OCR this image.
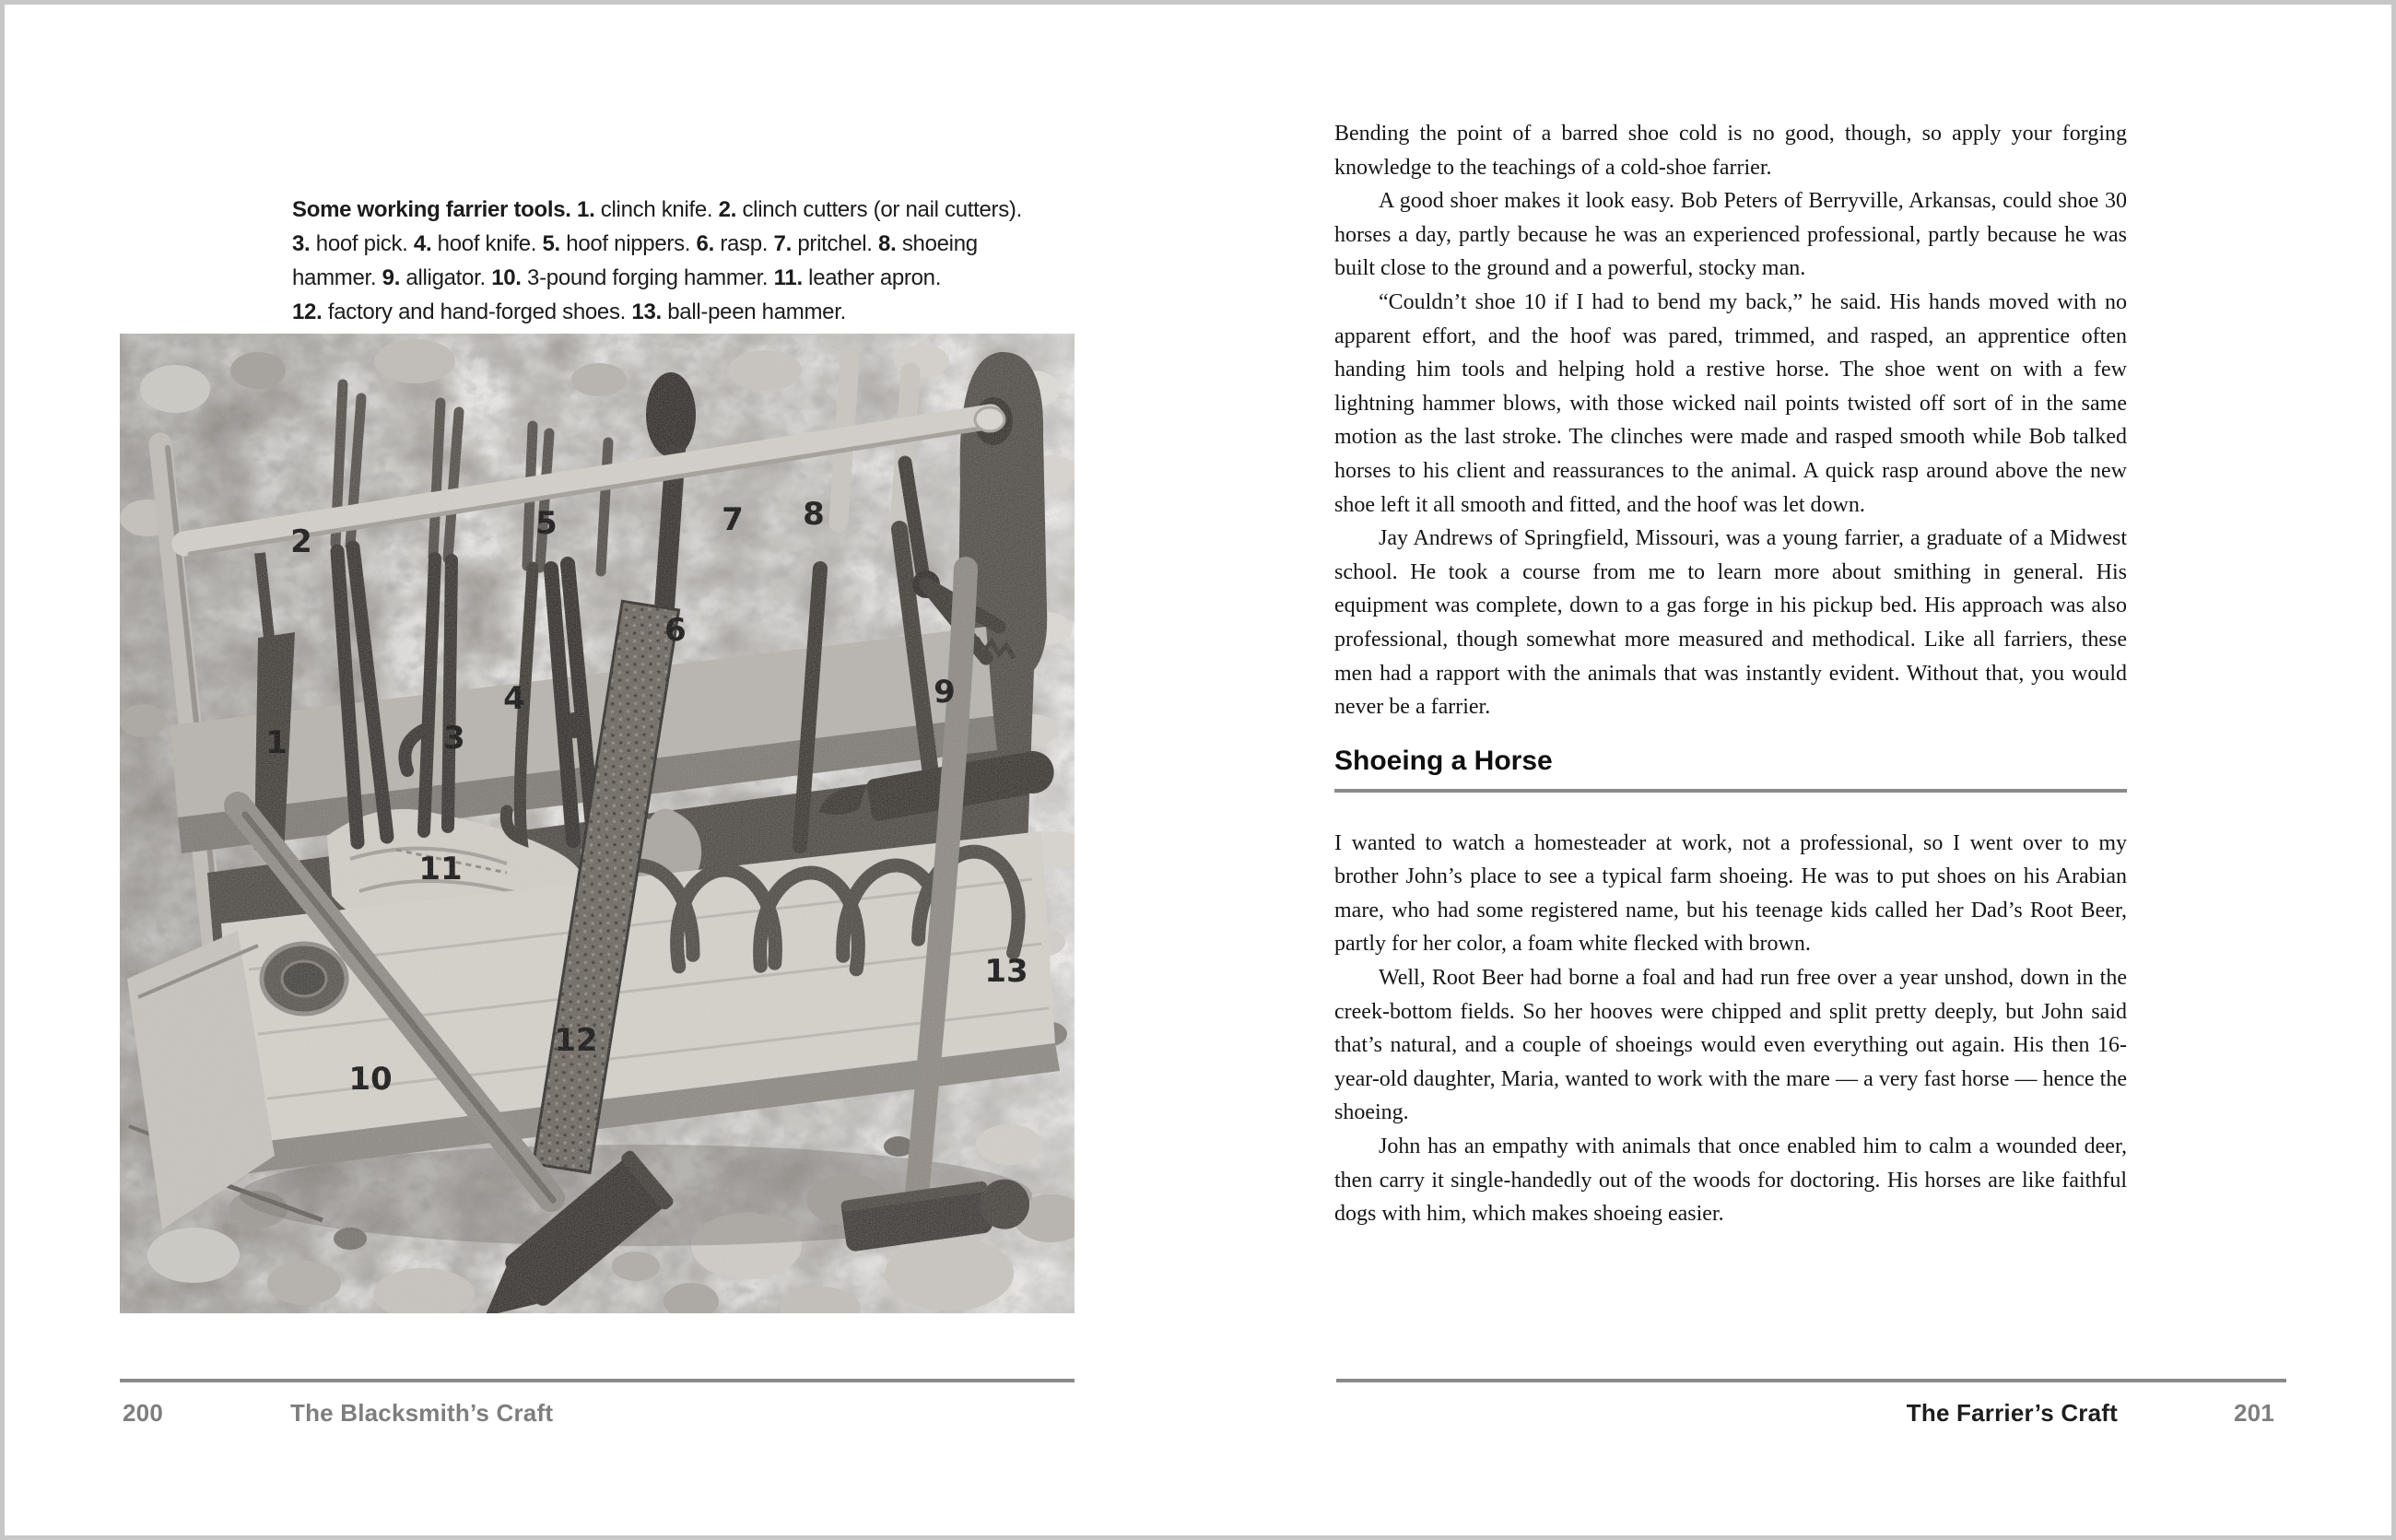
Some working farrier tools. 1. clinch knife. 2. clinch cutters (or nail cutters).
3. hoof pick. 4. hoof knife. 5. hoof nippers. 6. rasp. 7. pritchel. 8. shoeing
hammer. 9. alligator. 10. 3-pound forging hammer. 11. leather apron.
12. factory and hand-forged shoes. 13. ball-peen hammer.

Bending the point of a barred shoe cold is no good, though, so apply your forging knowledge to the teachings of a cold-shoe farrier.

A good shoer makes it look easy. Bob Peters of Berryville, Arkansas, could shoe 30 horses a day, partly because he was an experienced professional, partly because he was built close to the ground and a powerful, stocky man.

“Couldn’t shoe 10 if I had to bend my back,” he said. His hands moved with no apparent effort, and the hoof was pared, trimmed, and rasped, an apprentice often handing him tools and helping hold a restive horse. The shoe went on with a few lightning hammer blows, with those wicked nail points twisted off sort of in the same motion as the last stroke. The clinches were made and rasped smooth while Bob talked horses to his client and reassurances to the animal. A quick rasp around above the new shoe left it all smooth and fitted, and the hoof was let down.

Jay Andrews of Springfield, Missouri, was a young farrier, a graduate of a Midwest school. He took a course from me to learn more about smithing in general. His equipment was complete, down to a gas forge in his pickup bed. His approach was also professional, though somewhat more measured and methodical. Like all farriers, these men had a rapport with the animals that was instantly evident. Without that, you would never be a farrier.

Shoeing a Horse

I wanted to watch a homesteader at work, not a professional, so I went over to my brother John’s place to see a typical farm shoeing. He was to put shoes on his Arabian mare, who had some registered name, but his teenage kids called her Dad’s Root Beer, partly for her color, a foam white flecked with brown.

Well, Root Beer had borne a foal and had run free over a year unshod, down in the creek-bottom fields. So her hooves were chipped and split pretty deeply, but John said that’s natural, and a couple of shoeings would even everything out again. His then 16-year-old daughter, Maria, wanted to work with the mare — a very fast horse — hence the shoeing.

John has an empathy with animals that once enabled him to calm a wounded deer, then carry it single-handedly out of the woods for doctoring. His horses are like faithful dogs with him, which makes shoeing easier.

200	The Blacksmith’s Craft	The Farrier’s Craft	201
